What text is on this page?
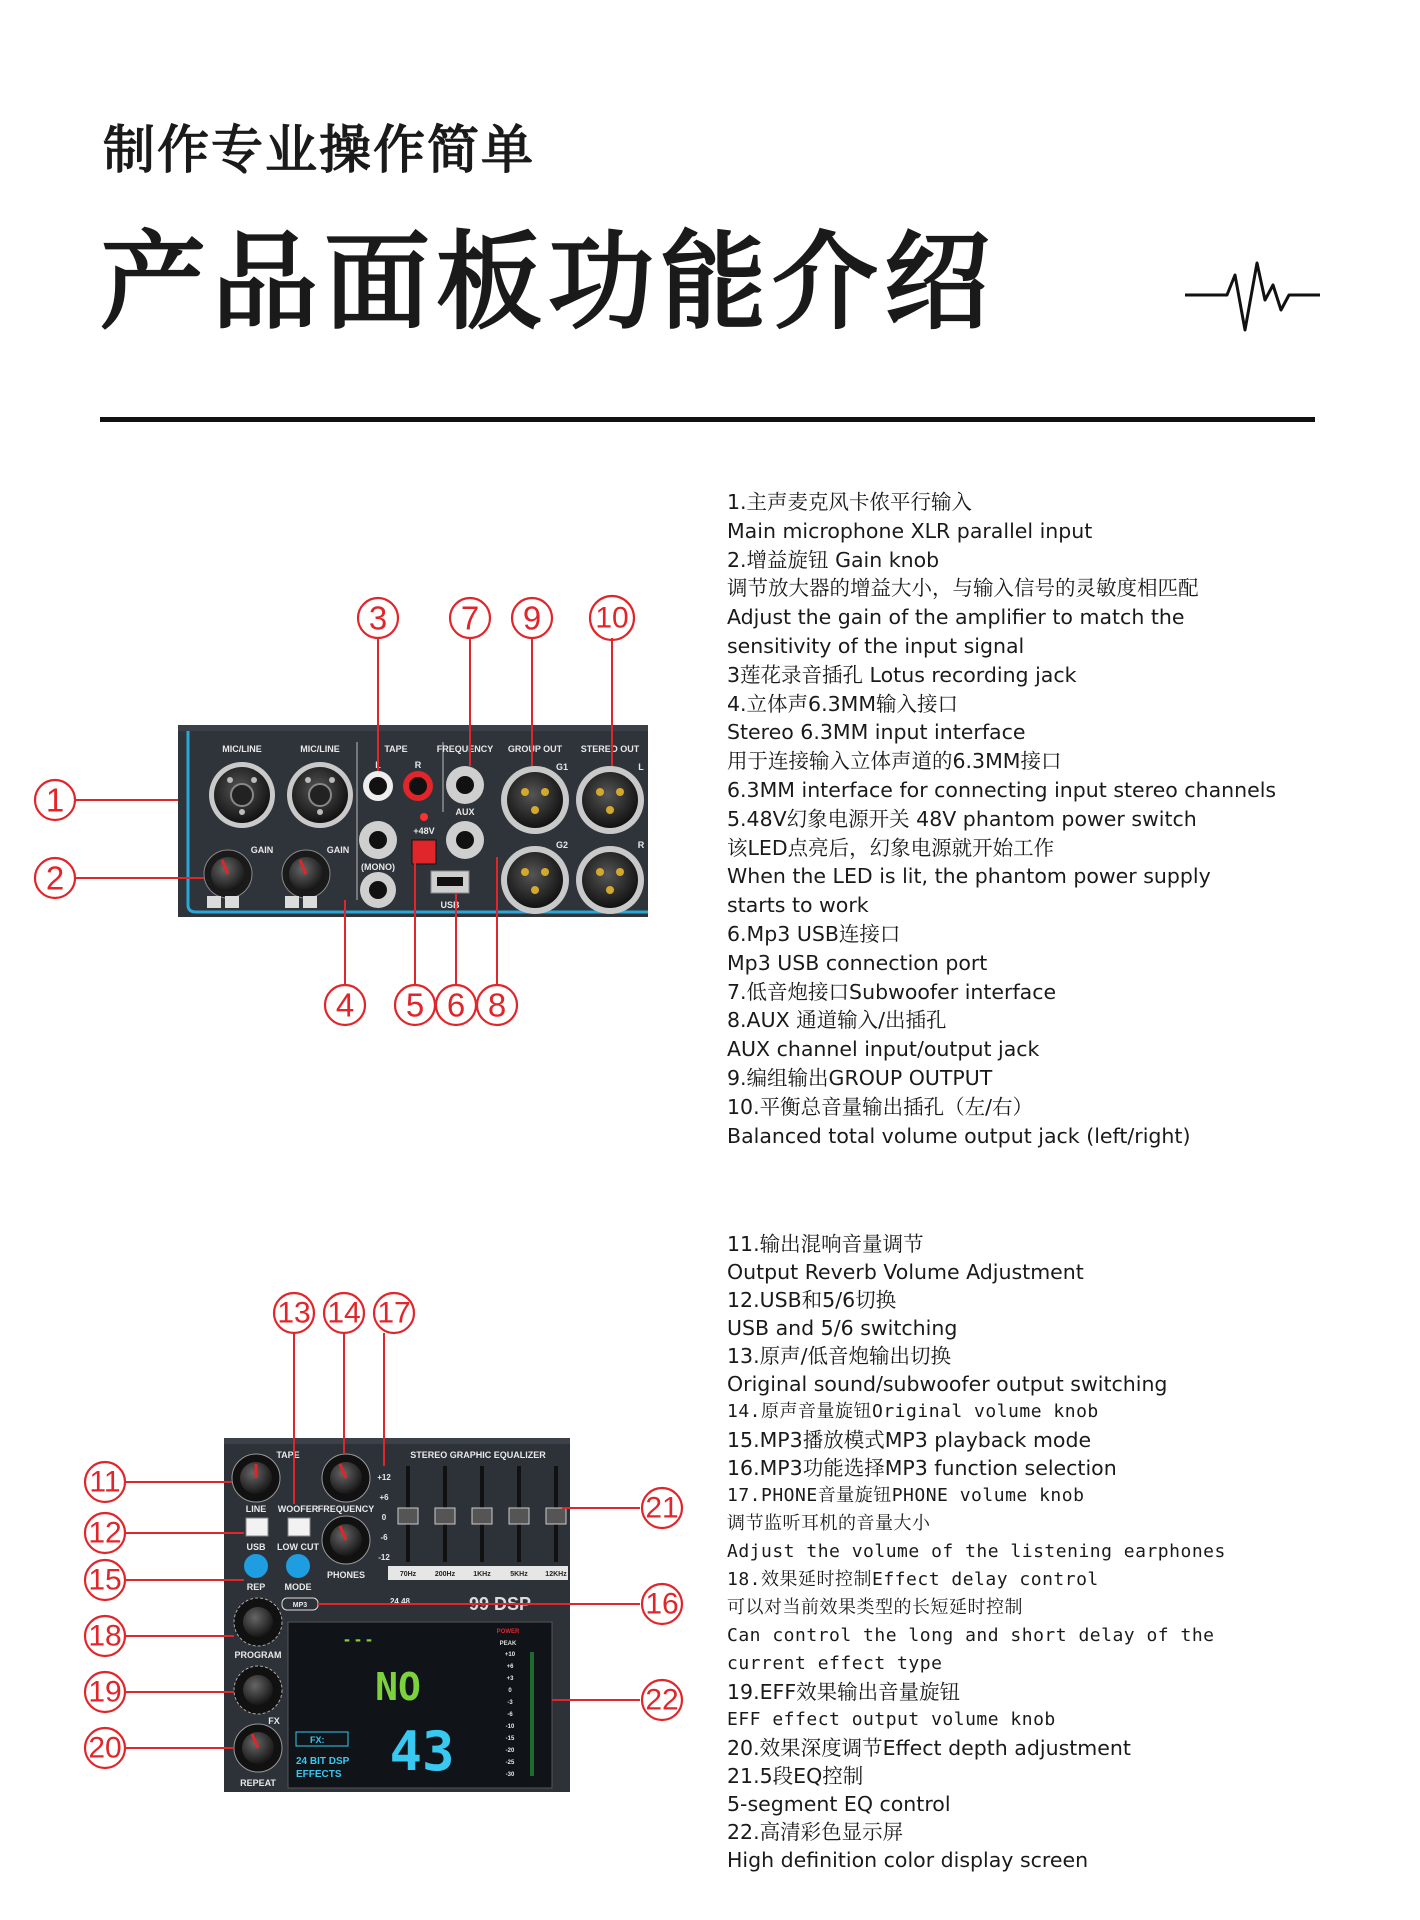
制作专业操作简单
产品面板功能介绍
MIC/LINE	MIC/LINE
GAIN	GAIN
TAPE
L	R
(MONO)
+48V
USB
FREQUENCY
AUX
GROUP OUT
G1
G2
STEREO OUT
L
R
1
2
3
4 5 6
7
8
9 10
TAPE
LINE
USB
WOOFER FREQUENCY
LOW CUT
PHONES
REP MODE
PROGRAM
FX
REPEAT
STEREO GRAPHIC EQUALIZER
+12
+6
0
-6
-12
70Hz	200Hz	1KHz	5KHz	12KHz
MP3	24 48	99 DSP
- - -
NO
43
FX:
24 BIT DSP
EFFECTS
POWER
PEAK
+10
+6
+3
0
-3
-6
-10
-15
-20
-25
-30
11
12
13 14
15
16
17
18
19
20
21
22
1.主声麦克风卡侬平行输入
Main microphone XLR parallel input
2.增益旋钮 Gain knob
调节放大器的增益大小，与输入信号的灵敏度相匹配
Adjust the gain of the amplifier to match the
sensitivity of the input signal
3莲花录音插孔 Lotus recording jack
4.立体声6.3MM输入接口
Stereo 6.3MM input interface
用于连接输入立体声道的6.3MM接口
6.3MM interface for connecting input stereo channels
5.48V幻象电源开关 48V phantom power switch
该LED点亮后，幻象电源就开始工作
When the LED is lit, the phantom power supply
starts to work
6.Mp3 USB连接口
Mp3 USB connection port
7.低音炮接口Subwoofer interface
8.AUX 通道输入/出插孔
AUX channel input/output jack
9.编组输出GROUP OUTPUT
10.平衡总音量输出插孔（左/右）
Balanced total volume output jack (left/right)
11.输出混响音量调节
Output Reverb Volume Adjustment
12.USB和5/6切换
USB and 5/6 switching
13.原声/低音炮输出切换
Original sound/subwoofer output switching
14.原声音量旋钮Original volume knob
15.MP3播放模式MP3 playback mode
16.MP3功能选择MP3 function selection
17.PHONE音量旋钮PHONE volume knob
调节监听耳机的音量大小
Adjust the volume of the listening earphones
18.效果延时控制Effect delay control
可以对当前效果类型的长短延时控制
Can control the long and short delay of the
current effect type
19.EFF效果输出音量旋钮
EFF effect output volume knob
20.效果深度调节Effect depth adjustment
21.5段EQ控制
5-segment EQ control
22.高清彩色显示屏
High definition color display screen
